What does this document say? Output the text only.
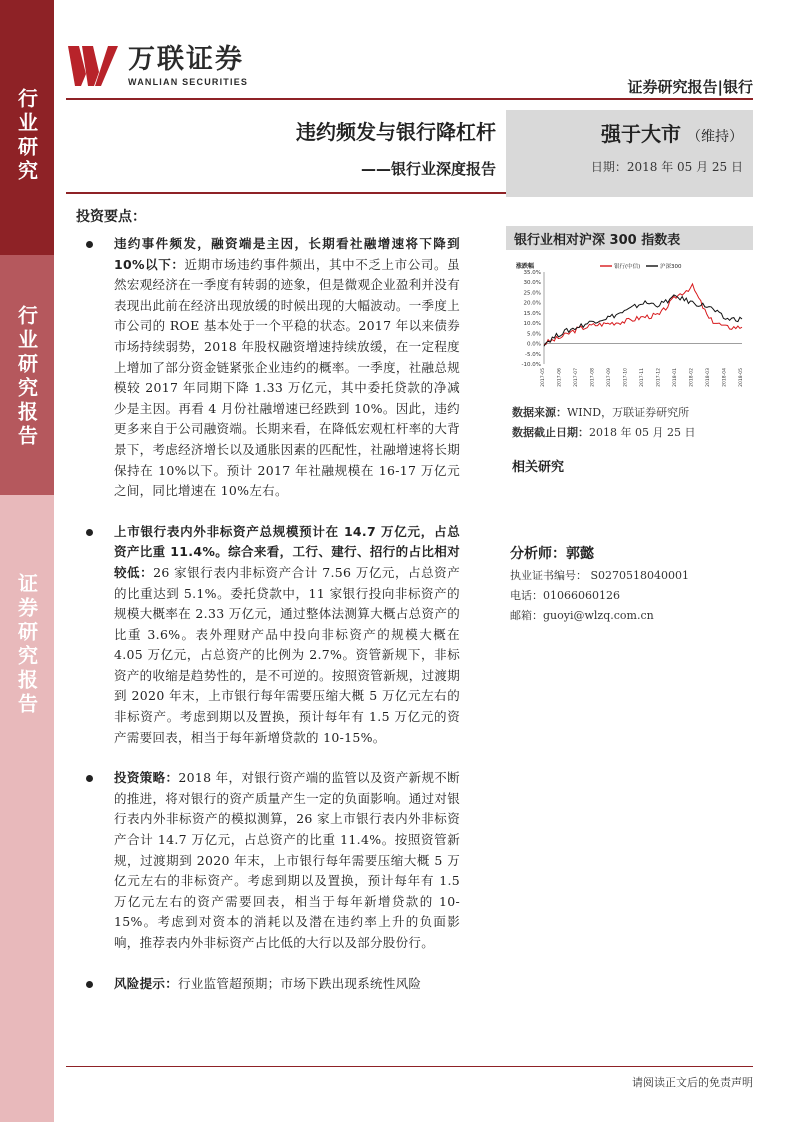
行业研究
行业研究报告
证券研究报告
万联证券
WANLIAN SECURITIES	证券研究报告|银行
违约频发与银行降杠杆
——银行业深度报告
强于大市 （维持）
日期：2018 年 05 月 25 日
投资要点：

违约事件频发，融资端是主因，长期看社融增速将下降到 10%以下：近期市场违约事件频出，其中不乏上市公司。虽然宏观经济在一季度有转弱的迹象，但是微观企业盈利并没有表现出此前在经济出现放缓的时候出现的大幅波动。一季度上市公司的 ROE 基本处于一个平稳的状态。2017 年以来债券市场持续弱势，2018 年股权融资增速持续放缓，在一定程度上增加了部分资金链紧张企业违约的概率。一季度，社融总规模较 2017 年同期下降 1.33 万亿元，其中委托贷款的净减少是主因。再看 4 月份社融增速已经跌到 10%。因此，违约更多来自于公司融资端。长期来看，在降低宏观杠杆率的大背景下，考虑经济增长以及通胀因素的匹配性，社融增速将长期保持在 10%以下。预计 2017 年社融规模在 16-17 万亿元之间，同比增速在 10%左右。

上市银行表内外非标资产总规模预计在 14.7 万亿元，占总资产比重 11.4%。综合来看，工行、建行、招行的占比相对较低：26 家银行表内非标资产合计 7.56 万亿元，占总资产的比重达到 5.1%。委托贷款中，11 家银行投向非标资产的规模大概率在 2.33 万亿元，通过整体法测算大概占总资产的比重 3.6%。表外理财产品中投向非标资产的规模大概在 4.05 万亿元，占总资产的比例为 2.7%。资管新规下，非标资产的收缩是趋势性的，是不可逆的。按照资管新规，过渡期到 2020 年末，上市银行每年需要压缩大概 5 万亿元左右的非标资产。考虑到期以及置换，预计每年有 1.5 万亿元的资产需要回表，相当于每年新增贷款的 10-15%。

投资策略：2018 年，对银行资产端的监管以及资产新规不断的推进，将对银行的资产质量产生一定的负面影响。通过对银行表内外非标资产的模拟测算，26 家上市银行表内外非标资产合计 14.7 万亿元，占总资产的比重 11.4%。按照资管新规，过渡期到 2020 年末，上市银行每年需要压缩大概 5 万亿元左右的非标资产。考虑到期以及置换，预计每年有 1.5 万亿元左右的资产需要回表，相当于每年新增贷款的 10-15%。考虑到对资本的消耗以及潜在违约率上升的负面影响，推荐表内外非标资产占比低的大行以及部分股份行。

风险提示：行业监管超预期；市场下跌出现系统性风险

银行业相对沪深 300 指数表
涨跌幅
35.0%
30.0%
25.0%
20.0%
15.0%
10.0%
5.0%
0.0%
-5.0%
-10.0%
2017-05	2017-06	2017-07	2017-08	2017-09	2017-10	2017-11	2017-12	2018-01	2018-02	2018-03	2018-04	2018-05
银行(中信)	沪深300
数据来源：WIND，万联证券研究所
数据截止日期：2018 年 05 月 25 日
相关研究
分析师：郭懿
执业证书编号： S0270518040001
电话：01066060126
邮箱：guoyi@wlzq.com.cn
请阅读正文后的免责声明
